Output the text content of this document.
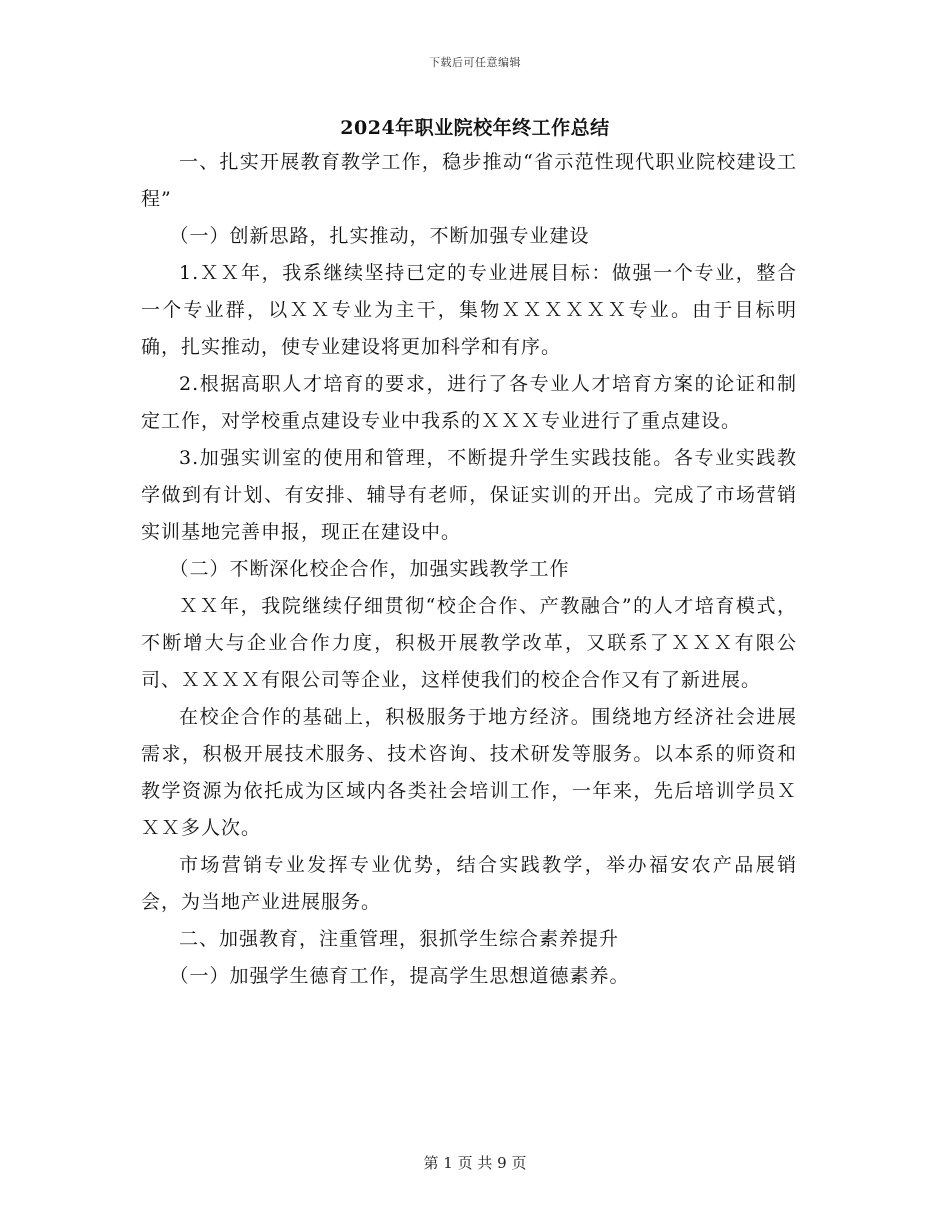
下载后可任意编辑
2024年职业院校年终工作总结

一、扎实开展教育教学工作，稳步推动“省示范性现代职业院校建设工程”

（一）创新思路，扎实推动，不断加强专业建设

1.ＸＸ年，我系继续坚持已定的专业进展目标：做强一个专业，整合一个专业群，以ＸＸ专业为主干，集物ＸＸＸＸＸＸ专业。由于目标明确，扎实推动，使专业建设将更加科学和有序。

2.根据高职人才培育的要求，进行了各专业人才培育方案的论证和制定工作，对学校重点建设专业中我系的ＸＸＸ专业进行了重点建设。

3.加强实训室的使用和管理，不断提升学生实践技能。各专业实践教学做到有计划、有安排、辅导有老师，保证实训的开出。完成了市场营销实训基地完善申报，现正在建设中。

（二）不断深化校企合作，加强实践教学工作

ＸＸ年，我院继续仔细贯彻“校企合作、产教融合”的人才培育模式，不断增大与企业合作力度，积极开展教学改革，又联系了ＸＸＸ有限公司、ＸＸＸＸ有限公司等企业，这样使我们的校企合作又有了新进展。

在校企合作的基础上，积极服务于地方经济。围绕地方经济社会进展需求，积极开展技术服务、技术咨询、技术研发等服务。以本系的师资和教学资源为依托成为区域内各类社会培训工作，一年来，先后培训学员ＸＸＸ多人次。

市场营销专业发挥专业优势，结合实践教学，举办福安农产品展销会，为当地产业进展服务。

二、加强教育，注重管理，狠抓学生综合素养提升

（一）加强学生德育工作，提高学生思想道德素养。

第 1 页 共 9 页
